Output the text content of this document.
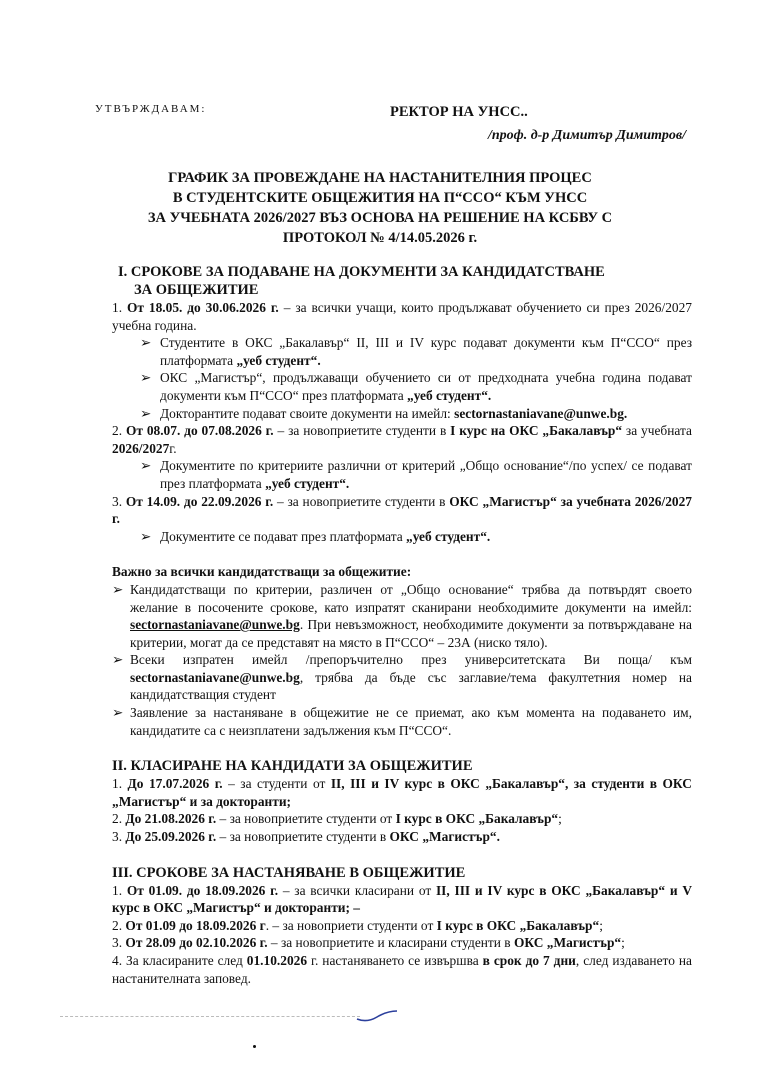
УТВЪРЖДАВАМ:	РЕКТОР НА УНСС..
/проф. д-р Димитър Димитров/
ГРАФИК ЗА ПРОВЕЖДАНЕ НА НАСТАНИТЕЛНИЯ ПРОЦЕС
В СТУДЕНТСКИТЕ ОБЩЕЖИТИЯ НА П“ССО“ КЪМ УНСС
ЗА УЧЕБНАТА 2026/2027 ВЪЗ ОСНОВА НА РЕШЕНИЕ НА КСБВУ С
ПРОТОКОЛ № 4/14.05.2026 г.
I. СРОКОВЕ ЗА ПОДАВАНЕ НА ДОКУМЕНТИ ЗА КАНДИДАТСТВАНЕ
ЗА ОБЩЕЖИТИЕ

1. От 18.05. до 30.06.2026 г. – за всички учащи, които продължават обучението си през 2026/2027 учебна година.

➢ Студентите в ОКС „Бакалавър“ II, III и IV курс подават документи към П“ССО“ през платформата „уеб студент“.

➢ ОКС „Магистър“, продължаващи обучението си от предходната учебна година подават документи към П“ССО“ през платформата „уеб студент“.

➢ Докторантите подават своите документи на имейл: sectornastaniavane@unwe.bg.

2. От 08.07. до 07.08.2026 г. – за новоприетите студенти в I курс на ОКС „Бакалавър“ за учебната 2026/2027г.

➢ Документите по критериите различни от критерий „Общо основание“/по успех/ се подават през платформата „уеб студент“.

3. От 14.09. до 22.09.2026 г. – за новоприетите студенти в ОКС „Магистър“ за учебната 2026/2027 г.

➢ Документите се подават през платформата „уеб студент“.

Важно за всички кандидатстващи за общежитие:

➢ Кандидатстващи по критерии, различен от „Общо основание“ трябва да потвърдят своето желание в посочените срокове, като изпратят сканирани необходимите документи на имейл: sectornastaniavane@unwe.bg. При невъзможност, необходимите документи за потвърждаване на критерии, могат да се представят на място в П“ССО“ – 23А (ниско тяло).

➢ Всеки изпратен имейл /препоръчително през университетската Ви поща/ към sectornastaniavane@unwe.bg, трябва да бъде със заглавие/тема факултетния номер на кандидатстващия студент

➢ Заявление за настаняване в общежитие не се приемат, ако към момента на подаването им, кандидатите са с неизплатени задължения към П“ССО“.

II. КЛАСИРАНЕ НА КАНДИДАТИ ЗА ОБЩЕЖИТИЕ

1. До 17.07.2026 г. – за студенти от II, III и IV курс в ОКС „Бакалавър“, за студенти в ОКС „Магистър“ и за докторанти;

2. До 21.08.2026 г. – за новоприетите студенти от I курс в ОКС „Бакалавър“;

3. До 25.09.2026 г. – за новоприетите студенти в ОКС „Магистър“.

III. СРОКОВЕ ЗА НАСТАНЯВАНЕ В ОБЩЕЖИТИЕ

1. От 01.09. до 18.09.2026 г. – за всички класирани от II, III и IV курс в ОКС „Бакалавър“ и V курс в ОКС „Магистър“ и докторанти; –

2. От 01.09 до 18.09.2026 г. – за новоприети студенти от I курс в ОКС „Бакалавър“;

3. От 28.09 до 02.10.2026 г. – за новоприетите и класирани студенти в ОКС „Магистър“;

4. За класираните след 01.10.2026 г. настаняването се извършва в срок до 7 дни, след издаването на настанителната заповед.
